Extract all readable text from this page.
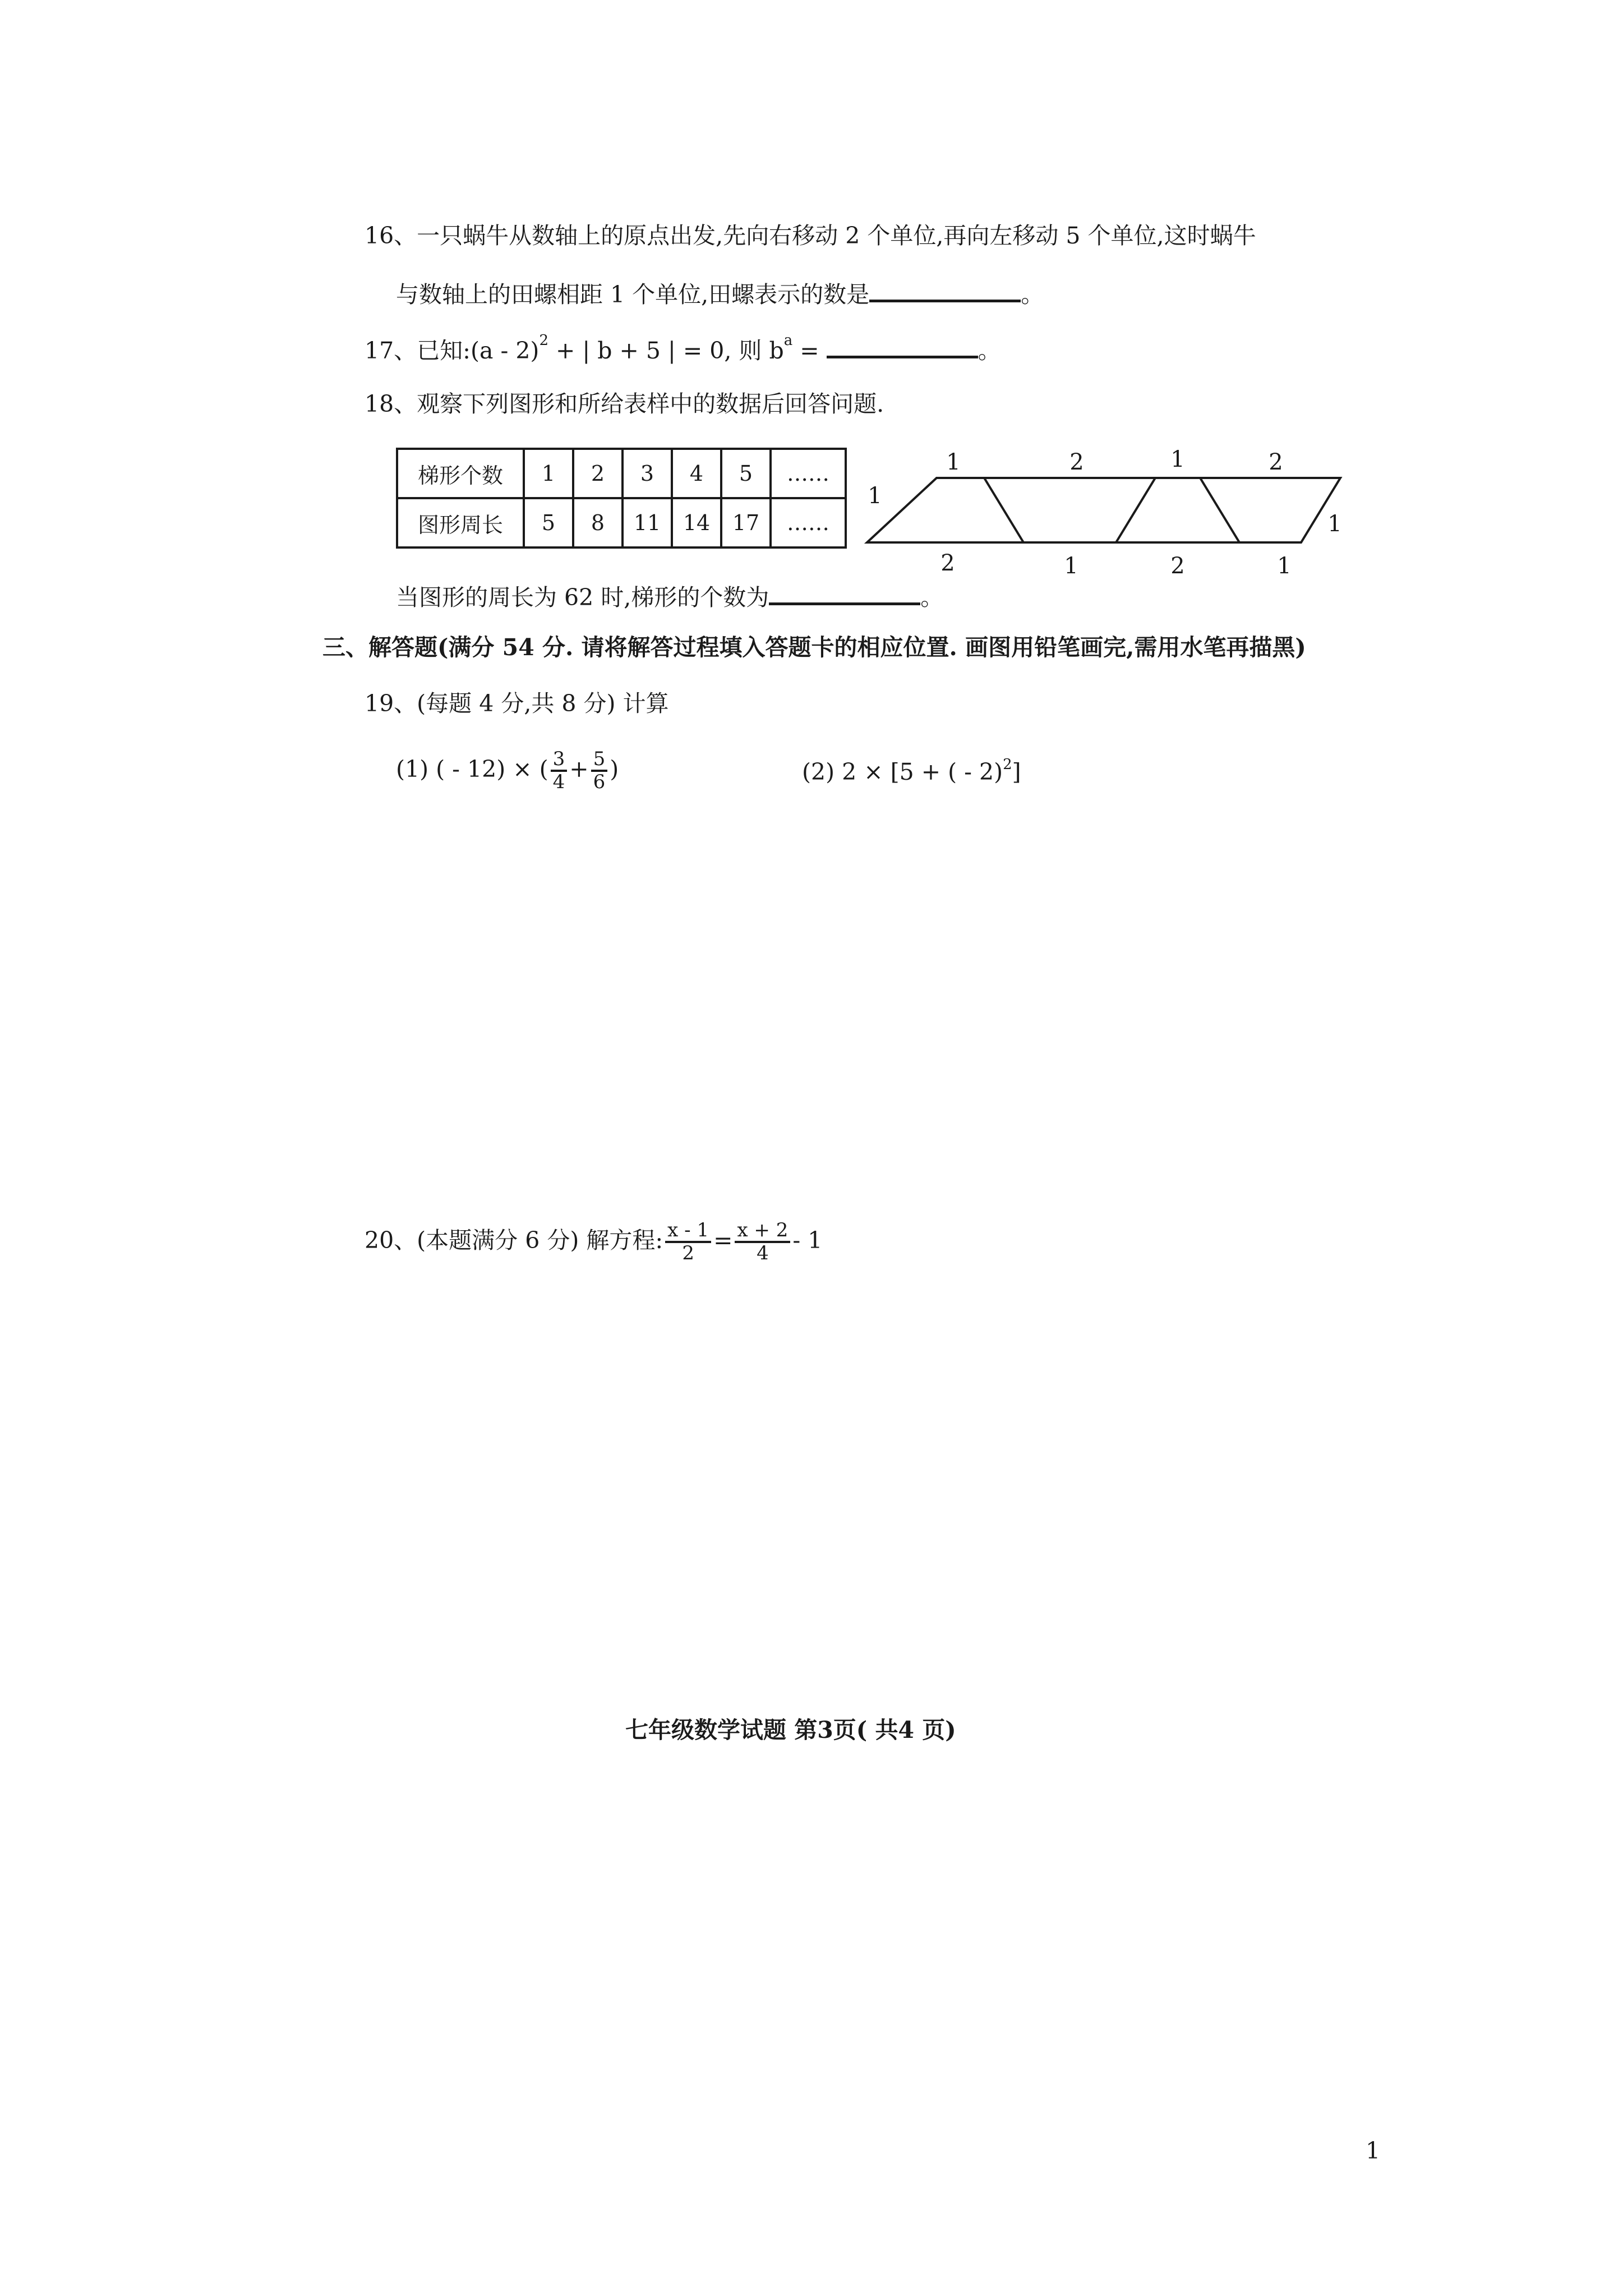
16、一只蜗牛从数轴上的原点出发,先向右移动 2 个单位,再向左移动 5 个单位,这时蜗牛
与数轴上的田螺相距 1 个单位,田螺表示的数是	。
17、已知:(a - 2)$^2$ + | b + 5 | = 0, 则 $b^a$ =	。
18、观察下列图形和所给表样中的数据后回答问题.
梯形个数	1	2	3	4	5	……
图形周长	5	8	11	14	17	……
1	2	1	2
2	1	2	1
1
1
当图形的周长为 62 时,梯形的个数为	。
三、解答题(满分 54 分. 请将解答过程填入答题卡的相应位置. 画图用铅笔画完,需用水笔再描黑)
19、(每题 4 分,共 8 分) 计算
(1) ( - 12) × ( $\frac{3}{4} + \frac{5}{6}$ )	(2) 2 × [5 + ( - 2)$^2$]
20、(本题满分 6 分) 解方程: $\frac{x - 1}{2} = \frac{x + 2}{4} - 1$
七年级数学试题 第3页( 共4 页)
1
